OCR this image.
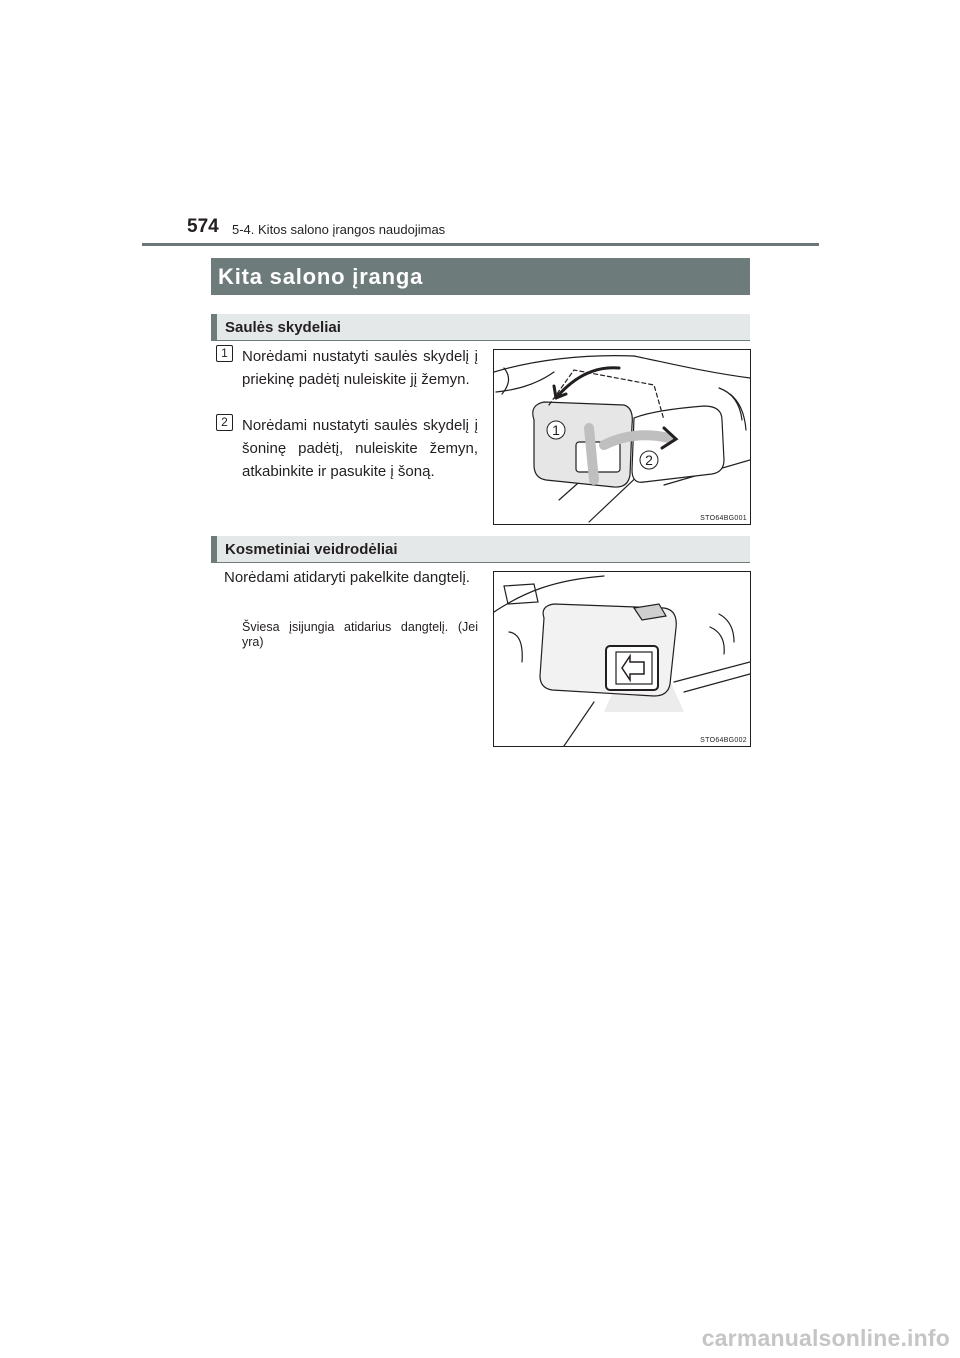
574 5-4. Kitos salono įrangos naudojimas
Kita salono įranga
Saulės skydeliai
1 Norėdami nustatyti saulės skydelį į priekinę padėtį nuleiskite jį žemyn.
2 Norėdami nustatyti saulės skydelį į šoninę padėtį, nuleiskite žemyn, atkabinkite ir pasukite į šoną.
1
2
STO64BG001
Kosmetiniai veidrodėliai
Norėdami atidaryti pakelkite dangtelį.
Šviesa įsijungia atidarius dangtelį. (Jei yra)
STO64BG002
carmanualsonline.info
